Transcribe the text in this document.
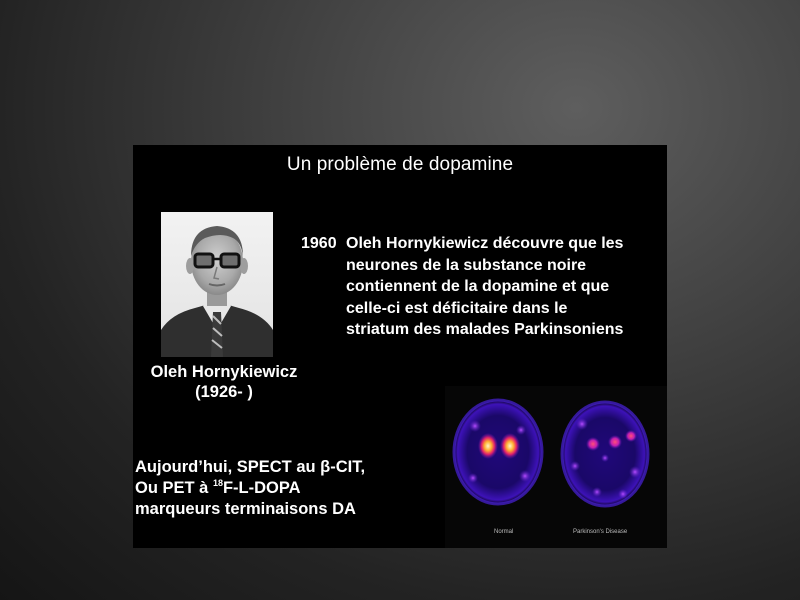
Un problème de dopamine
Oleh Hornykiewicz
(1926- )
1960 Oleh Hornykiewicz découvre que les
neurones de la substance noire
contiennent de la dopamine et que
celle-ci est déficitaire dans le
striatum des malades Parkinsoniens
Aujourd’hui, SPECT au β-CIT,
Ou PET à $^{18}$F-L-DOPA
marqueurs terminaisons DA
Normal	Parkinson's Disease
